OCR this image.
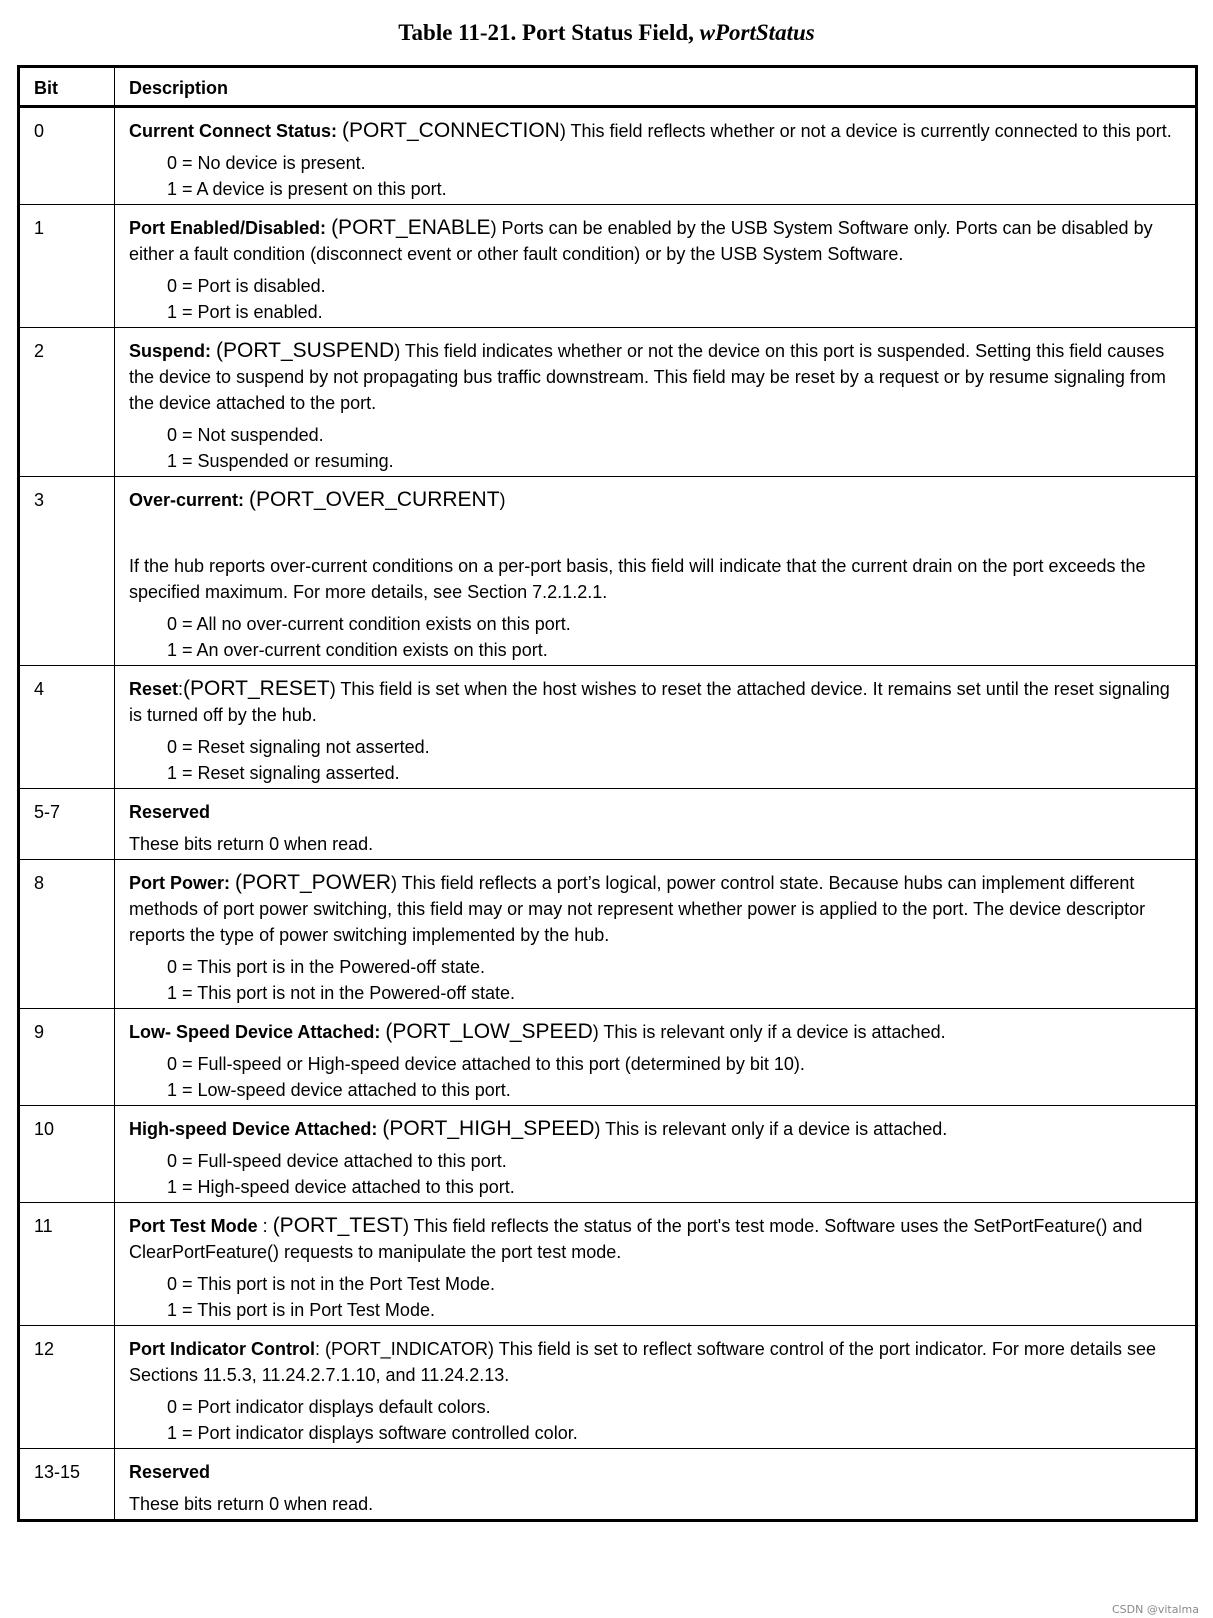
Table 11-21. Port Status Field, wPortStatus
Bit	Description
0	Current Connect Status: (PORT_CONNECTION) This field reflects whether or not a device is currently connected to this port.
0 = No device is present.
1 = A device is present on this port.

1	Port Enabled/Disabled: (PORT_ENABLE) Ports can be enabled by the USB System Software only. Ports can be disabled by either a fault condition (disconnect event or other fault condition) or by the USB System Software.
0 = Port is disabled.
1 = Port is enabled.

2	Suspend: (PORT_SUSPEND) This field indicates whether or not the device on this port is suspended. Setting this field causes the device to suspend by not propagating bus traffic downstream. This field may be reset by a request or by resume signaling from the device attached to the port.
0 = Not suspended.
1 = Suspended or resuming.

3	Over-current: (PORT_OVER_CURRENT)
If the hub reports over-current conditions on a per-port basis, this field will indicate that the current drain on the port exceeds the specified maximum. For more details, see Section 7.2.1.2.1.
0 = All no over-current condition exists on this port.
1 = An over-current condition exists on this port.

4	Reset:(PORT_RESET) This field is set when the host wishes to reset the attached device. It remains set until the reset signaling is turned off by the hub.
0 = Reset signaling not asserted.
1 = Reset signaling asserted.

5-7	Reserved
These bits return 0 when read.

8	Port Power: (PORT_POWER) This field reflects a port’s logical, power control state. Because hubs can implement different methods of port power switching, this field may or may not represent whether power is applied to the port. The device descriptor reports the type of power switching implemented by the hub.
0 = This port is in the Powered-off state.
1 = This port is not in the Powered-off state.

9	Low- Speed Device Attached: (PORT_LOW_SPEED) This is relevant only if a device is attached.
0 = Full-speed or High-speed device attached to this port (determined by bit 10).
1 = Low-speed device attached to this port.

10	High-speed Device Attached: (PORT_HIGH_SPEED) This is relevant only if a device is attached.
0 = Full-speed device attached to this port.
1 = High-speed device attached to this port.

11	Port Test Mode : (PORT_TEST) This field reflects the status of the port's test mode. Software uses the SetPortFeature() and ClearPortFeature() requests to manipulate the port test mode.
0 = This port is not in the Port Test Mode.
1 = This port is in Port Test Mode.

12	Port Indicator Control: (PORT_INDICATOR) This field is set to reflect software control of the port indicator. For more details see Sections 11.5.3, 11.24.2.7.1.10, and 11.24.2.13.
0 = Port indicator displays default colors.
1 = Port indicator displays software controlled color.

13-15	Reserved
These bits return 0 when read.
CSDN @vitalma
